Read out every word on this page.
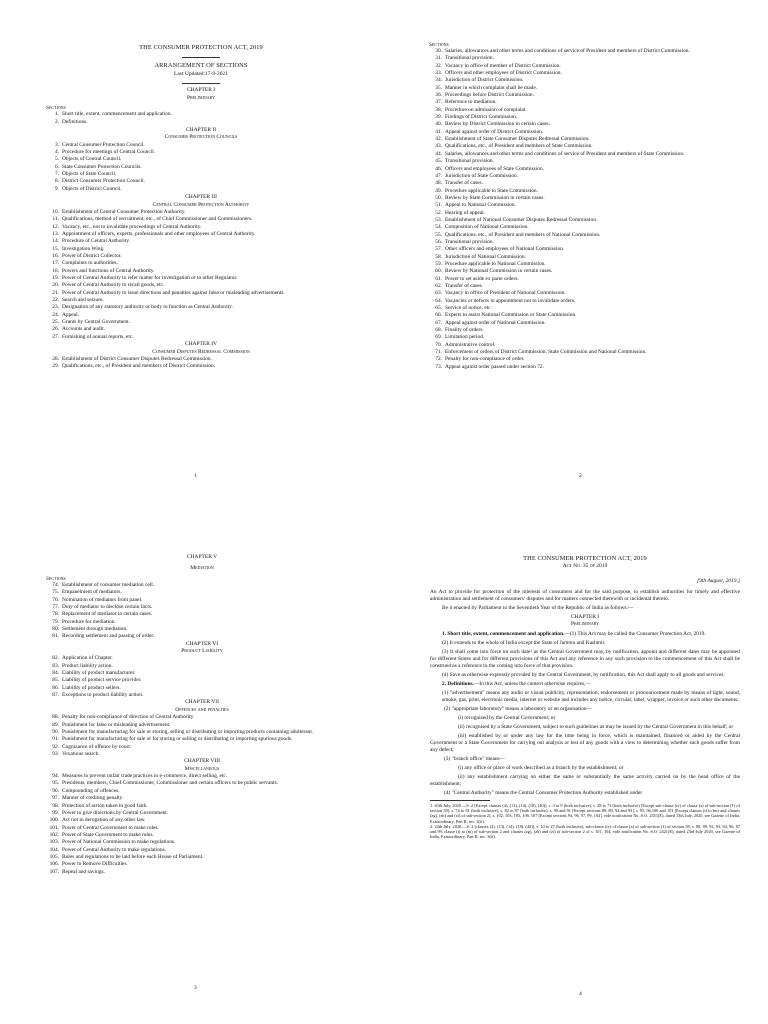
THE CONSUMER PROTECTION ACT, 2019
ARRANGEMENT OF SECTIONS
Last Updated:17-9-2021
CHAPTER I
Preliminary
Sections
1. Short title, extent, commencement and application.
2. Definitions.
CHAPTER II
Consumer Protection Councils
3. Central Consumer Protection Council.
4. Procedure for meetings of Central Council.
5. Objects of Central Council.
6. State Consumer Protection Councils.
7. Objects of State Council.
8. District Consumer Protection Council.
9. Objects of District Council.
CHAPTER III
Central Consumer Protection Authority
10. Establishment of Central Consumer Protection Authority.
11. Qualifications, method of recruitment, etc., of Chief Commissioner and Commissioners.
12. Vacancy, etc., not to invalidate proceedings of Central Authority.
13. Appointment of officers, experts, professionals and other employees of Central Authority.
14. Procedure of Central Authority.
15. Investigation Wing.
16. Power of District Collector.
17. Complaints to authorities.
18. Powers and functions of Central Authority.
19. Power of Central Authority to refer matter for investigation or to other Regulator.
20. Power of Central Authority to recall goods, etc.
21. Power of Central Authority to issue directions and penalties against false or misleading advertisements.
22. Search and seizure.
23. Designation of any statutory authority or body to function as Central Authority.
24. Appeal.
25. Grants by Central Government.
26. Accounts and audit.
27. Furnishing of annual reports, etc.
CHAPTER IV
Consumer Disputes Redressal Commission
28. Establishment of District Consumer Disputes Redressal Commission.
29. Qualifications, etc., of President and members of District Commission.
1
Sections
30. Salaries, allowances and other terms and conditions of service of President and members of District Commission.
31. Transitional provision.
32. Vacancy in office of member of District Commission.
33. Officers and other employees of District Commission.
34. Jurisdiction of District Commission.
35. Manner in which complaint shall be made.
36. Proceedings before District Commission.
37. Reference to mediation.
38. Procedure on admission of complaint.
39. Findings of District Commission.
40. Review by District Commission in certain cases.
41. Appeal against order of District Commission.
42. Establishment of State Consumer Disputes Redressal Commission.
43. Qualifications, etc., of President and members of State Commission.
44. Salaries, allowances and other terms and conditions of service of President and members of State Commission.
45. Transitional provision.
46. Officers and employees of State Commission.
47. Jurisdiction of State Commission.
48. Transfer of cases.
49. Procedure applicable to State Commission.
50. Review by State Commission in certain cases.
51. Appeal to National Commission.
52. Hearing of appeal.
53. Establishment of National Consumer Disputes Redressal Commission.
54. Composition of National Commission.
55. Qualifications, etc., of President and members of National Commission.
56. Transitional provision.
57. Other officers and employees of National Commission.
58. Jurisdiction of National Commission.
59. Procedure applicable to National Commission.
60. Review by National Commission in certain cases.
61. Power to set aside ex parte orders.
62. Transfer of cases.
63. Vacancy in office of President of National Commission.
64. Vacancies or defects in appointment not to invalidate orders.
65. Service of notice, etc.
66. Experts to assist National Commission or State Commission.
67. Appeal against order of National Commission.
68. Finality of orders.
69. Limitation period.
70. Administrative control.
71. Enforcement of orders of District Commission, State Commission and National Commission.
72. Penalty for non-compliance of order.
73. Appeal against order passed under section 72.
2
CHAPTER V
Mediation
Sections
74. Establishment of consumer mediation cell.
75. Empanelment of mediators.
76. Nomination of mediators from panel.
77. Duty of mediator to disclose certain facts.
78. Replacement of mediator in certain cases.
79. Procedure for mediation.
80. Settlement through mediation.
81. Recording settlement and passing of order.
CHAPTER VI
Product Liability
82. Application of Chapter.
83. Product liability action.
84. Liability of product manufacturer.
85. Liability of product service provider.
86. Liability of product sellers.
87. Exceptions to product liability action.
CHAPTER VII
Offences and penalties
88. Penalty for non-compliance of direction of Central Authority.
89. Punishment for false or misleading advertisement.
90. Punishment for manufacturing for sale or storing, selling or distributing or importing products containing adulterant.
91. Punishment for manufacturing for sale or for storing or selling or distributing or importing spurious goods.
92. Cognizance of offence by court.
93. Vexatious search.
CHAPTER VIII
Miscellaneous
94. Measures to prevent unfair trade practices in e-commerce, direct selling, etc.
95. Presidents, members, Chief Commissioner, Commissioner and certain officers to be public servants.
96. Compounding of offences.
97. Manner of crediting penalty.
98. Protection of action taken in good faith.
99. Power to give directions by Central Government.
100. Act not in derogation of any other law.
101. Power of Central Government to make rules.
102. Power of State Government to make rules.
103. Power of National Commission to make regulations.
104. Power of Central Authority to make regulations.
105. Rules and regulations to be laid before each House of Parliament.
106. Power to Remove Difficulties.
107. Repeal and savings.
3
THE CONSUMER PROTECTION ACT, 2019
Act No. 35 of 2019
[9th August, 2019.]

An Act to provide for protection of the interests of consumers and for the said purpose, to establish authorities for timely and effective administration and settlement of consumers' disputes and for matters connected therewith or incidental thereto.

Be it enacted by Parliament in the Seventieth Year of the Republic of India as follows:—

CHAPTER I
Preliminary

1. Short title, extent, commencement and application.—(1) This Act may be called the Consumer Protection Act, 2019.

(2) It extends to the whole of India except the State of Jammu and Kashmir.

(3) It shall come into force on such date¹ as the Central Government may, by notification, appoint and different dates may be appointed for different States and for different provisions of this Act and any reference in any such provision to the commencement of this Act shall be construed as a reference to the coming into force of that provision.

(4) Save as otherwise expressly provided by the Central Government, by notification, this Act shall apply to all goods and services.

2. Definitions.—In this Act, unless the context otherwise requires,—

(1) "advertisement" means any audio or visual publicity, representation, endorsement or pronouncement made by means of light, sound, smoke, gas, print, electronic media, internet or website and includes any notice, circular, label, wrapper, invoice or such other documents;

(2) "appropriate laboratory" means a laboratory or an organisation—

(i) recognised by the Central Government; or

(ii) recognised by a State Government, subject to such guidelines as may be issued by the Central Government in this behalf; or

(iii) established by or under any law for the time being in force, which is maintained, financed or aided by the Central Government or a State Government for carrying out analysis or test of any goods with a view to determining whether such goods suffer from any defect;

(3) "branch office" means—

(i) any office or place of work described as a branch by the establishment; or

(ii) any establishment carrying on either the same or substantially the same activity carried on by the head office of the establishment;

(4) "Central Authority" means the Central Consumer Protection Authority established under

1. 20th July, 2020.—S. 2 [Except clauses (4), (13), (14), (18), (40)], s. 3 to 9 (both inclusive), s. 28 to 73 (both inclusive) [Except sub-clause (iv) of clause (a) of sub-section (1) of section 58], s. 74 to 81 (both inclusive), s. 82 to 87 (both inclusive), s. 90 and 91 [Except sections 88, 89, 92 and 93], s. 95, 96,100 and 101 [Except clauses (i) to (m) and clauses (zg), (zh) and (zi) of sub-section 2], s. 102, 103, 105, 106, 107 [Except sections 94, 96, 97, 99, 104], vide notification No. S.O. 2351(E), dated 15th July, 2020, see Gazette of India, Extraordinary, Part II, sec. 3(ii).
2. 24th July, 2020.—S. 2 [clauses (4), (13), (14), (18), (40)], s. 10 to 27 (both inclusive), sub-clause (iv) of clause (a) of sub-section (1) of section 58, s. 88, 89, 92, 93, 94, 96, 97 and 99, clause (i) to (m) of sub-section 2 and clauses (zg), (zh) and (zi) of sub-section 2 of s. 101, 104, vide notification No. S.O. 2421(E), dated 23rd July 2020, see Gazette of India, Extraordinary, Part II, sec. 3(ii).
4
